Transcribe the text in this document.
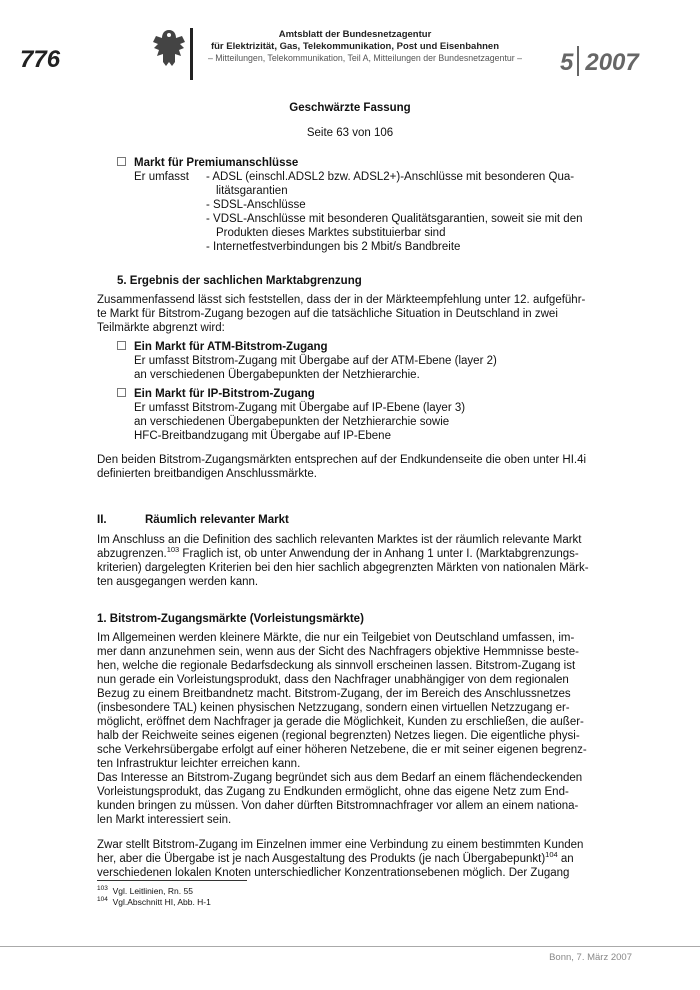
776
Amtsblatt der Bundesnetzagentur
für Elektrizität, Gas, Telekommunikation, Post und Eisenbahnen
– Mitteilungen, Telekommunikation, Teil A, Mitteilungen der Bundesnetzagentur –	5 2007
Geschwärzte Fassung
Seite 63 von 106
Markt für Premiumanschlüsse
Er umfasst - ADSL (einschl.ADSL2 bzw. ADSL2+)-Anschlüsse mit besonderen Qua-
litätsgarantien
- SDSL-Anschlüsse
- VDSL-Anschlüsse mit besonderen Qualitätsgarantien, soweit sie mit den
Produkten dieses Marktes substituierbar sind
- Internetfestverbindungen bis 2 Mbit/s Bandbreite
5. Ergebnis der sachlichen Marktabgrenzung
Zusammenfassend lässt sich feststellen, dass der in der Märkteempfehlung unter 12. aufgeführ-
te Markt für Bitstrom-Zugang bezogen auf die tatsächliche Situation in Deutschland in zwei
Teilmärkte abgrenzt wird:
Ein Markt für ATM-Bitstrom-Zugang
Er umfasst Bitstrom-Zugang mit Übergabe auf der ATM-Ebene (layer 2)
an verschiedenen Übergabepunkten der Netzhierarchie.
Ein Markt für IP-Bitstrom-Zugang
Er umfasst Bitstrom-Zugang mit Übergabe auf IP-Ebene (layer 3)
an verschiedenen Übergabepunkten der Netzhierarchie sowie
HFC-Breitbandzugang mit Übergabe auf IP-Ebene
Den beiden Bitstrom-Zugangsmärkten entsprechen auf der Endkundenseite die oben unter HI.4i
definierten breitbandigen Anschlussmärkte.
II.	Räumlich relevanter Markt
Im Anschluss an die Definition des sachlich relevanten Marktes ist der räumlich relevante Markt
abzugrenzen.$^{103}$ Fraglich ist, ob unter Anwendung der in Anhang 1 unter I. (Marktabgrenzungs-
kriterien) dargelegten Kriterien bei den hier sachlich abgegrenzten Märkten von nationalen Märk-
ten ausgegangen werden kann.
1. Bitstrom-Zugangsmärkte (Vorleistungsmärkte)
Im Allgemeinen werden kleinere Märkte, die nur ein Teilgebiet von Deutschland umfassen, im-
mer dann anzunehmen sein, wenn aus der Sicht des Nachfragers objektive Hemmnisse beste-
hen, welche die regionale Bedarfsdeckung als sinnvoll erscheinen lassen. Bitstrom-Zugang ist
nun gerade ein Vorleistungsprodukt, dass den Nachfrager unabhängiger von dem regionalen
Bezug zu einem Breitbandnetz macht. Bitstrom-Zugang, der im Bereich des Anschlussnetzes
(insbesondere TAL) keinen physischen Netzzugang, sondern einen virtuellen Netzzugang er-
möglicht, eröffnet dem Nachfrager ja gerade die Möglichkeit, Kunden zu erschließen, die außer-
halb der Reichweite seines eigenen (regional begrenzten) Netzes liegen. Die eigentliche physi-
sche Verkehrsübergabe erfolgt auf einer höheren Netzebene, die er mit seiner eigenen begrenz-
ten Infrastruktur leichter erreichen kann.
Das Interesse an Bitstrom-Zugang begründet sich aus dem Bedarf an einem flächendeckenden
Vorleistungsprodukt, das Zugang zu Endkunden ermöglicht, ohne das eigene Netz zum End-
kunden bringen zu müssen. Von daher dürften Bitstromnachfrager vor allem an einem nationa-
len Markt interessiert sein.
Zwar stellt Bitstrom-Zugang im Einzelnen immer eine Verbindung zu einem bestimmten Kunden
her, aber die Übergabe ist je nach Ausgestaltung des Produkts (je nach Übergabepunkt)$^{104}$ an
verschiedenen lokalen Knoten unterschiedlicher Konzentrationsebenen möglich. Der Zugang
$^{103}$ Vgl. Leitlinien, Rn. 55
$^{104}$ Vgl.Abschnitt HI, Abb. H-1
Bonn, 7. März 2007
